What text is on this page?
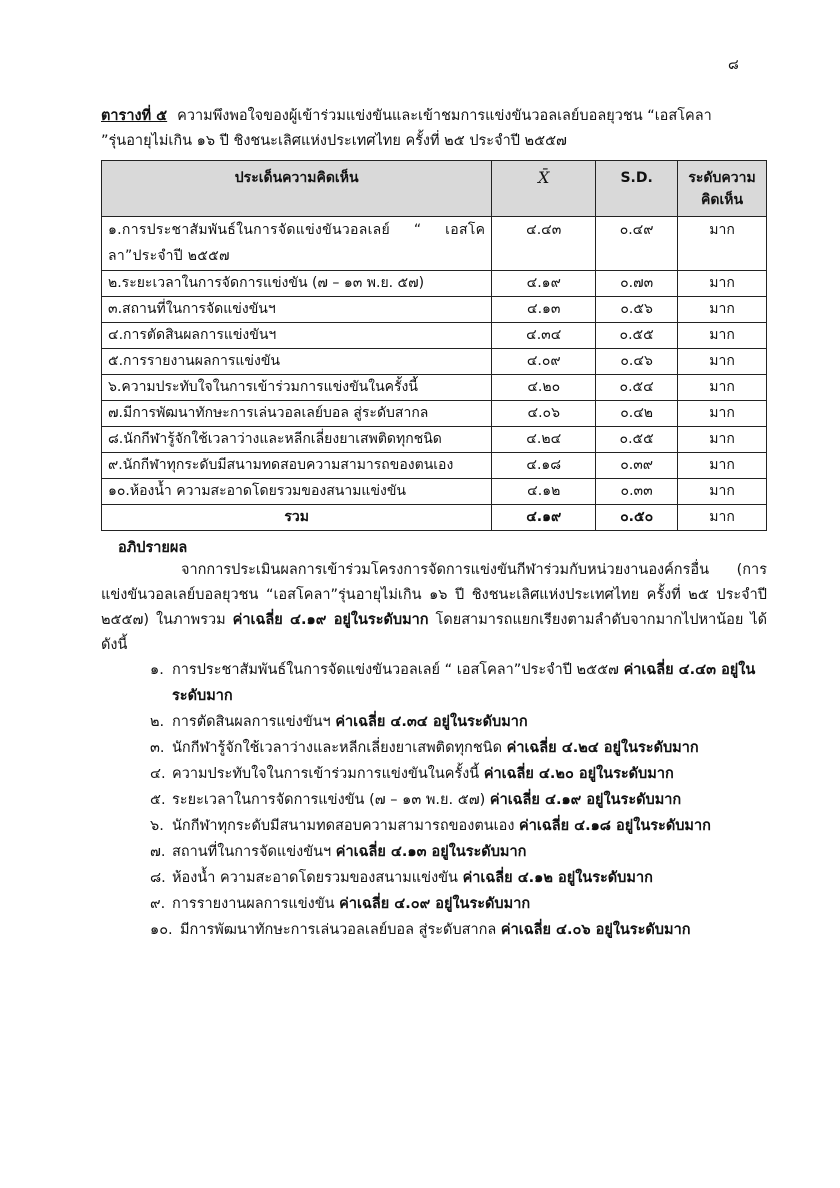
๘
ตารางที่ ๕ ความพึงพอใจของผู้เข้าร่วมแข่งขันและเข้าชมการแข่งขันวอลเลย์บอลยุวชน “เอสโคลา
”รุ่นอายุไม่เกิน ๑๖ ปี ชิงชนะเลิศแห่งประเทศไทย ครั้งที่ ๒๕ ประจำปี ๒๕๕๗
ประเด็นความคิดเห็น	X̄	S.D.	ระดับความคิดเห็น
๑.การประชาสัมพันธ์ในการจัดแข่งขันวอลเลย์ “ เอสโคลา”ประจำปี ๒๕๕๗	๔.๔๓	๐.๔๙	มาก
๒.ระยะเวลาในการจัดการแข่งขัน (๗ – ๑๓ พ.ย. ๕๗)	๔.๑๙	๐.๗๓	มาก
๓.สถานที่ในการจัดแข่งขันฯ	๔.๑๓	๐.๕๖	มาก
๔.การตัดสินผลการแข่งขันฯ	๔.๓๔	๐.๕๕	มาก
๕.การรายงานผลการแข่งขัน	๔.๐๙	๐.๔๖	มาก
๖.ความประทับใจในการเข้าร่วมการแข่งขันในครั้งนี้	๔.๒๐	๐.๕๔	มาก
๗.มีการพัฒนาทักษะการเล่นวอลเลย์บอล สู่ระดับสากล	๔.๐๖	๐.๔๒	มาก
๘.นักกีฬารู้จักใช้เวลาว่างและหลีกเลี่ยงยาเสพติดทุกชนิด	๔.๒๔	๐.๕๕	มาก
๙.นักกีฬาทุกระดับมีสนามทดสอบความสามารถของตนเอง	๔.๑๘	๐.๓๙	มาก
๑๐.ห้องน้ำ ความสะอาดโดยรวมของสนามแข่งขัน	๔.๑๒	๐.๓๓	มาก
รวม	๔.๑๙	๐.๕๐	มาก
อภิปรายผล
จากการประเมินผลการเข้าร่วมโครงการจัดการแข่งขันกีฬาร่วมกับหน่วยงานองค์กรอื่น (การแข่งขันวอลเลย์บอลยุวชน “เอสโคลา”รุ่นอายุไม่เกิน ๑๖ ปี ชิงชนะเลิศแห่งประเทศไทย ครั้งที่ ๒๕ ประจำปี ๒๕๕๗) ในภาพรวม ค่าเฉลี่ย ๔.๑๙ อยู่ในระดับมาก โดยสามารถแยกเรียงตามลำดับจากมากไปหาน้อย ได้ดังนี้
๑. การประชาสัมพันธ์ในการจัดแข่งขันวอลเลย์ “ เอสโคลา”ประจำปี ๒๕๕๗ ค่าเฉลี่ย ๔.๔๓ อยู่ในระดับมาก
๒. การตัดสินผลการแข่งขันฯ ค่าเฉลี่ย ๔.๓๔ อยู่ในระดับมาก
๓. นักกีฬารู้จักใช้เวลาว่างและหลีกเลี่ยงยาเสพติดทุกชนิด ค่าเฉลี่ย ๔.๒๔ อยู่ในระดับมาก
๔. ความประทับใจในการเข้าร่วมการแข่งขันในครั้งนี้ ค่าเฉลี่ย ๔.๒๐ อยู่ในระดับมาก
๕. ระยะเวลาในการจัดการแข่งขัน (๗ – ๑๓ พ.ย. ๕๗) ค่าเฉลี่ย ๔.๑๙ อยู่ในระดับมาก
๖. นักกีฬาทุกระดับมีสนามทดสอบความสามารถของตนเอง ค่าเฉลี่ย ๔.๑๘ อยู่ในระดับมาก
๗. สถานที่ในการจัดแข่งขันฯ ค่าเฉลี่ย ๔.๑๓ อยู่ในระดับมาก
๘. ห้องน้ำ ความสะอาดโดยรวมของสนามแข่งขัน ค่าเฉลี่ย ๔.๑๒ อยู่ในระดับมาก
๙. การรายงานผลการแข่งขัน ค่าเฉลี่ย ๔.๐๙ อยู่ในระดับมาก
๑๐. มีการพัฒนาทักษะการเล่นวอลเลย์บอล สู่ระดับสากล ค่าเฉลี่ย ๔.๐๖ อยู่ในระดับมาก
